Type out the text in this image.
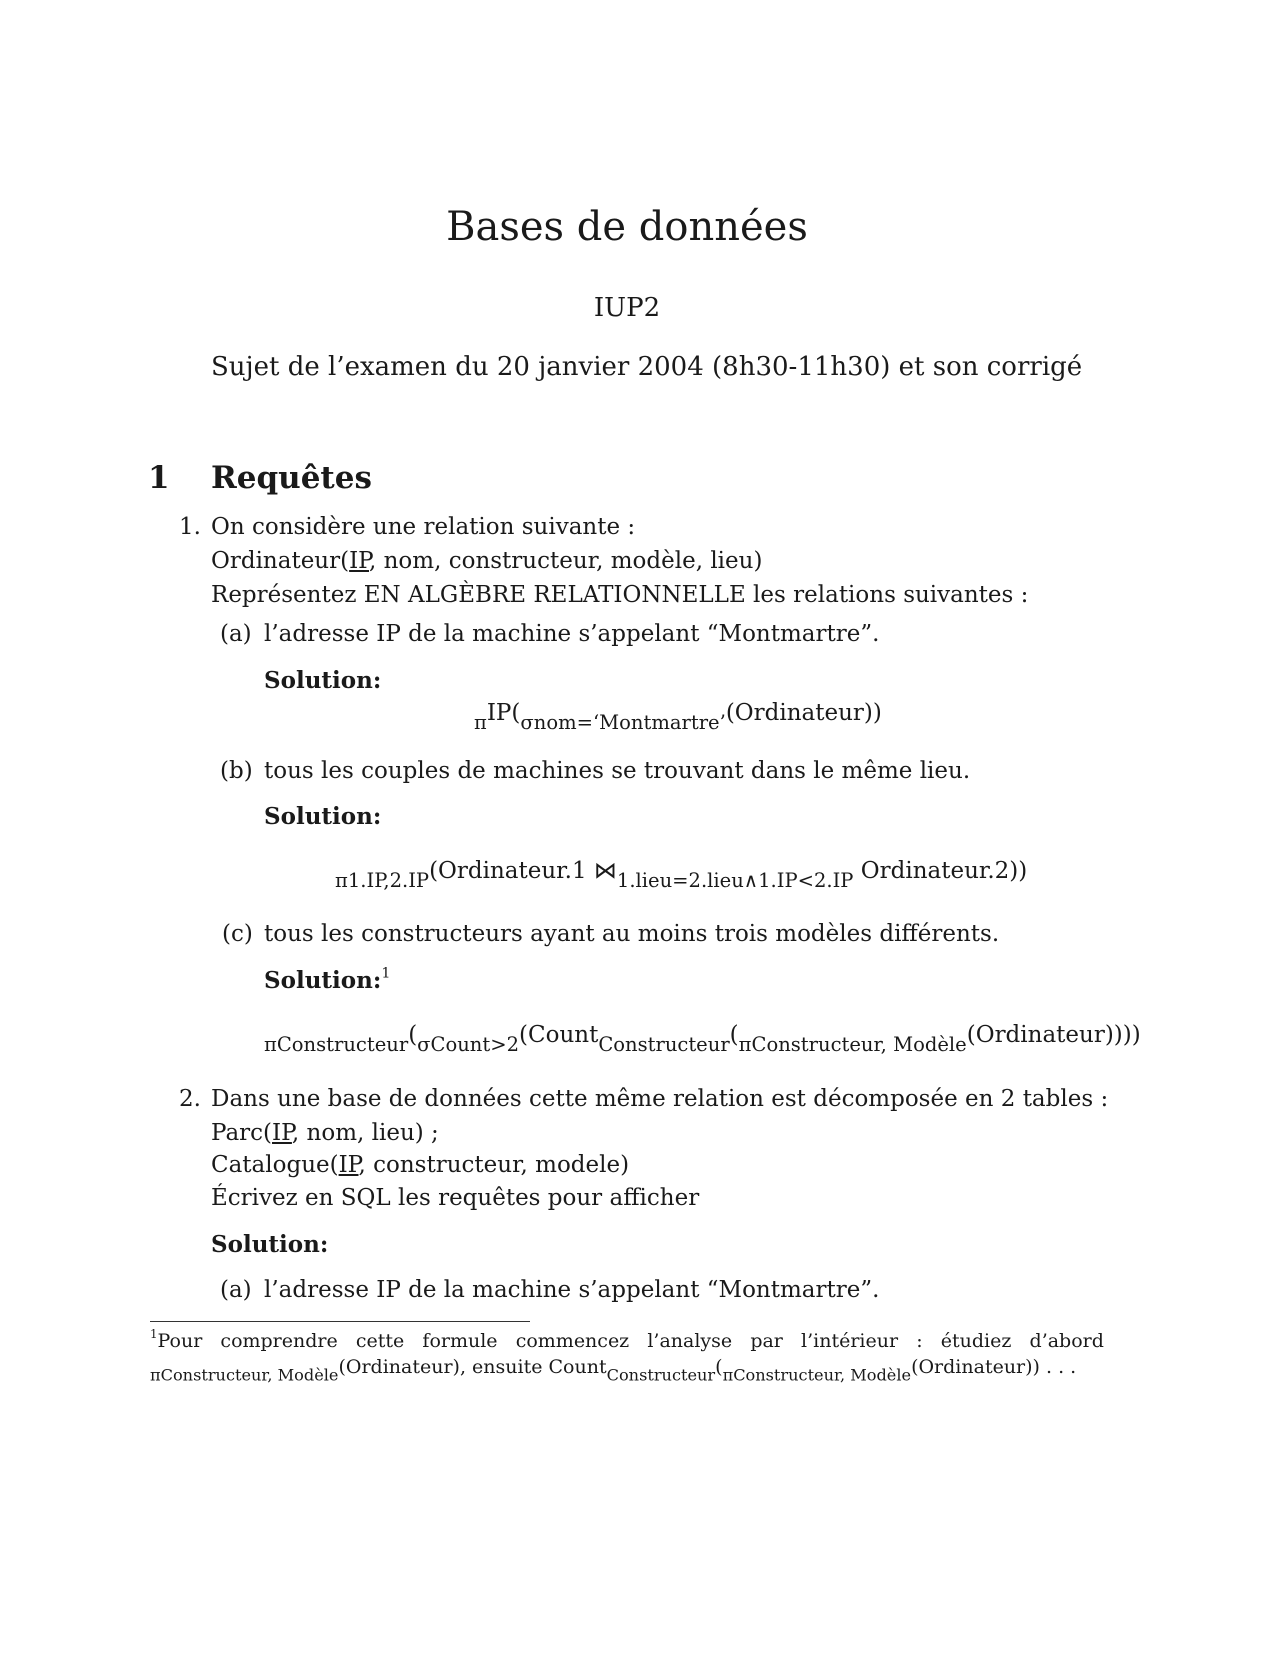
Bases de données
IUP2
Sujet de l’examen du 20 janvier 2004 (8h30-11h30) et son corrigé
1 Requêtes
1. On considère une relation suivante :
Ordinateur(IP, nom, constructeur, modèle, lieu)
Représentez EN ALGÈBRE RELATIONNELLE les relations suivantes :
(a) l’adresse IP de la machine s’appelant “Montmartre”.
Solution:
$_\pi IP(_{\sigma nom=‘Montmartre’}(Ordinateur))$
(b) tous les couples de machines se trouvant dans le même lieu.
Solution:
$_{\pi 1.IP,2.IP}$(Ordinateur.1 $⋈_{1.lieu=2.lieu\wedge 1.IP<2.IP}$ Ordinateur.2))
(c) tous les constructeurs ayant au moins trois modèles différents.
Solution:$^1$
$_{\pi Constructeur}(_{\sigma Count>2}(Count_{Constructeur}(_{\pi Constructeur, Modèle}(Ordinateur))))$
2. Dans une base de données cette même relation est décomposée en 2 tables :
Parc(IP, nom, lieu) ;
Catalogue(IP, constructeur, modele)
Écrivez en SQL les requêtes pour afficher
Solution:
(a) l’adresse IP de la machine s’appelant “Montmartre”.
$^1$Pour comprendre cette formule commencez l’analyse par l’intérieur : étudiez d’abord
$_{\pi Constructeur, Modèle}$(Ordinateur), ensuite $Count_{Constructeur}(_{\pi Constructeur, Modèle}(Ordinateur))$ . . .
